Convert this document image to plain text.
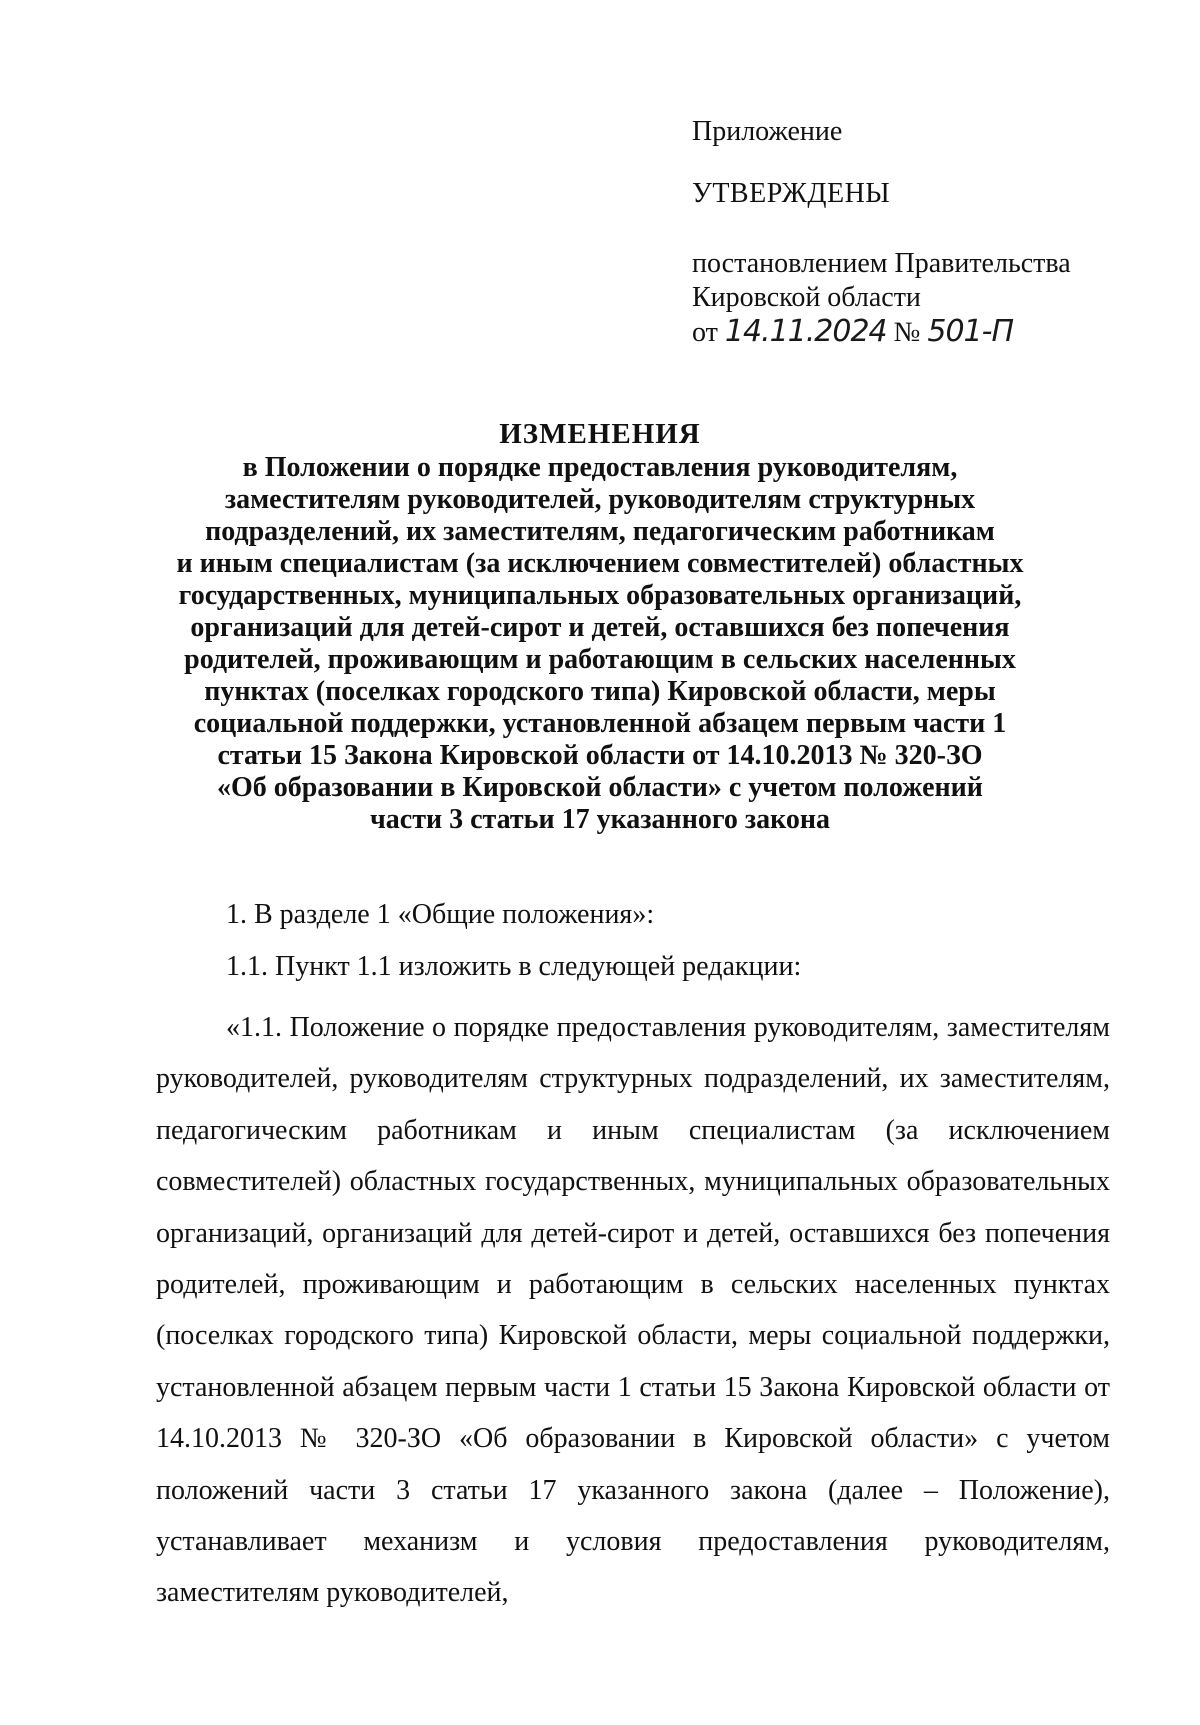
Приложение
УТВЕРЖДЕНЫ
постановлением Правительства
Кировской области
от 14.11.2024 № 501-П
ИЗМЕНЕНИЯ
в Положении о порядке предоставления руководителям,
заместителям руководителей, руководителям структурных
подразделений, их заместителям, педагогическим работникам
и иным специалистам (за исключением совместителей) областных
государственных, муниципальных образовательных организаций,
организаций для детей-сирот и детей, оставшихся без попечения
родителей, проживающим и работающим в сельских населенных
пунктах (поселках городского типа) Кировской области, меры
социальной поддержки, установленной абзацем первым части 1
статьи 15 Закона Кировской области от 14.10.2013 № 320-ЗО
«Об образовании в Кировской области» с учетом положений
части 3 статьи 17 указанного закона

1. В разделе 1 «Общие положения»:

1.1. Пункт 1.1 изложить в следующей редакции:

«1.1. Положение о порядке предоставления руководителям, заместителям руководителей, руководителям структурных подразделений, их заместителям, педагогическим работникам и иным специалистам (за исключением совместителей) областных государственных, муниципальных образовательных организаций, организаций для детей-сирот и детей, оставшихся без попечения родителей, проживающим и работающим в сельских населенных пунктах (поселках городского типа) Кировской области, меры социальной поддержки, установленной абзацем первым части 1 статьи 15 Закона Кировской области от 14.10.2013 № 320-ЗО «Об образовании в Кировской области» с учетом положений части 3 статьи 17 указанного закона (далее – Положение), устанавливает механизм и условия предоставления руководителям, заместителям руководителей,
